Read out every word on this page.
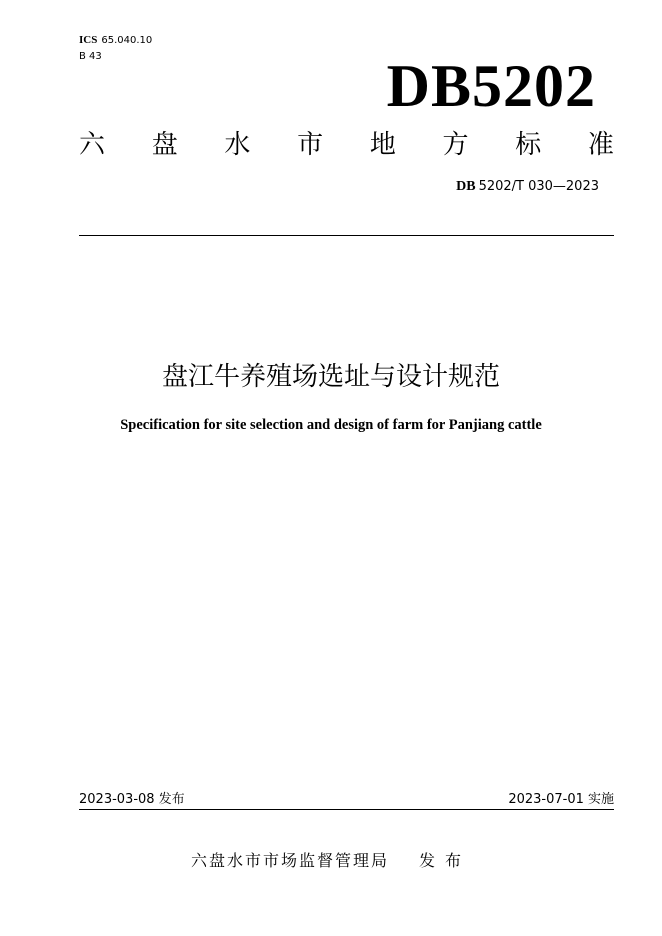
ICS 65.040.10
B 43	DB5202
六 盘 水 市 地 方 标 准
DB 5202/T 030—2023
盘江牛养殖场选址与设计规范
Specification for site selection and design of farm for Panjiang cattle
2023-03-08 发布	2023-07-01 实施
六盘水市市场监督管理局 发布
